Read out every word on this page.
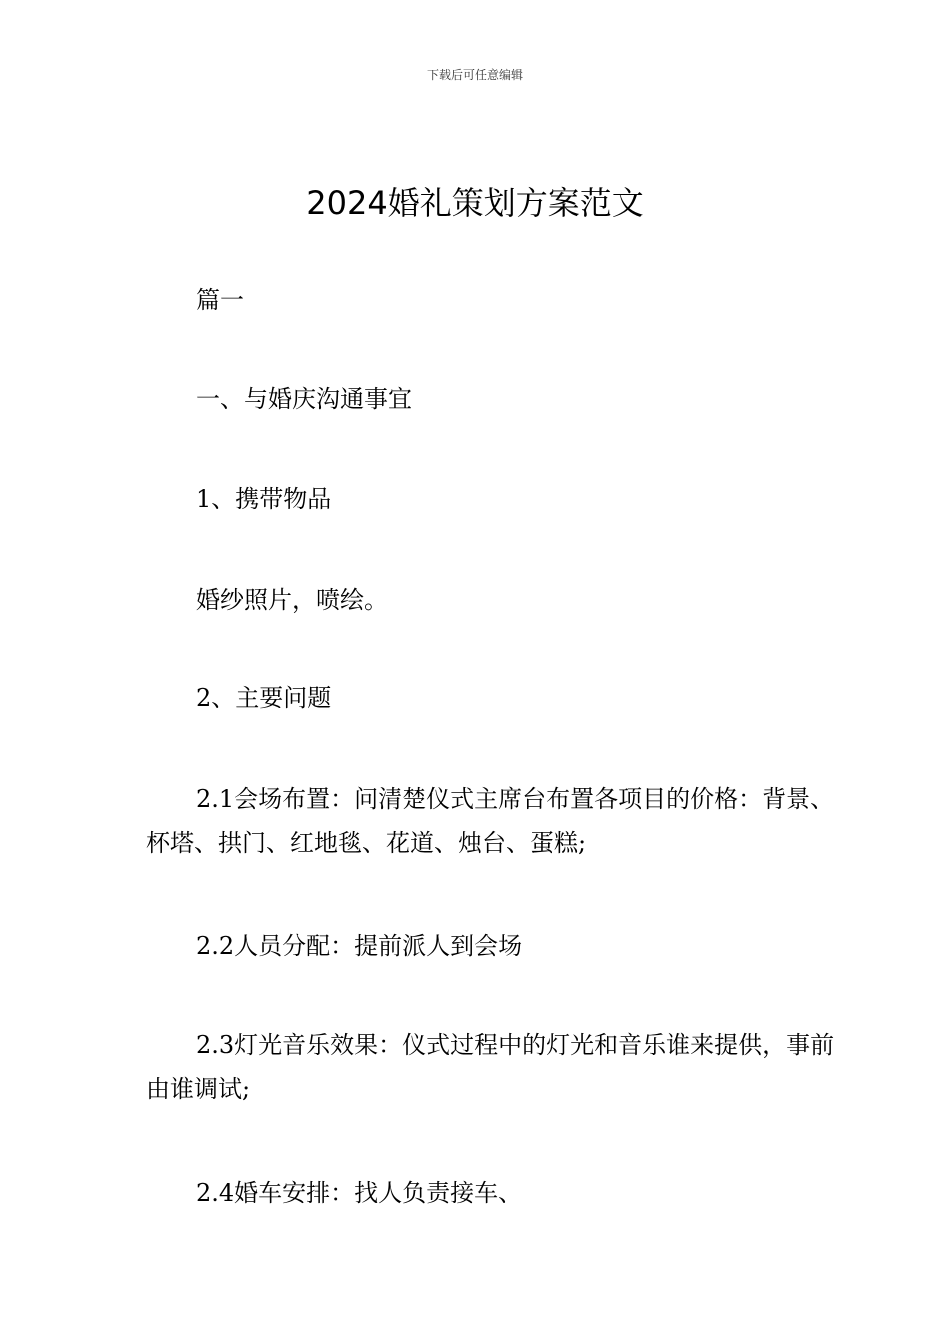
下载后可任意编辑
2024婚礼策划方案范文

篇一

一、与婚庆沟通事宜

1、携带物品

婚纱照片，喷绘。

2、主要问题

2.1会场布置：问清楚仪式主席台布置各项目的价格：背景、杯塔、拱门、红地毯、花道、烛台、蛋糕;

2.2人员分配：提前派人到会场

2.3灯光音乐效果：仪式过程中的灯光和音乐谁来提供，事前由谁调试;

2.4婚车安排：找人负责接车、
